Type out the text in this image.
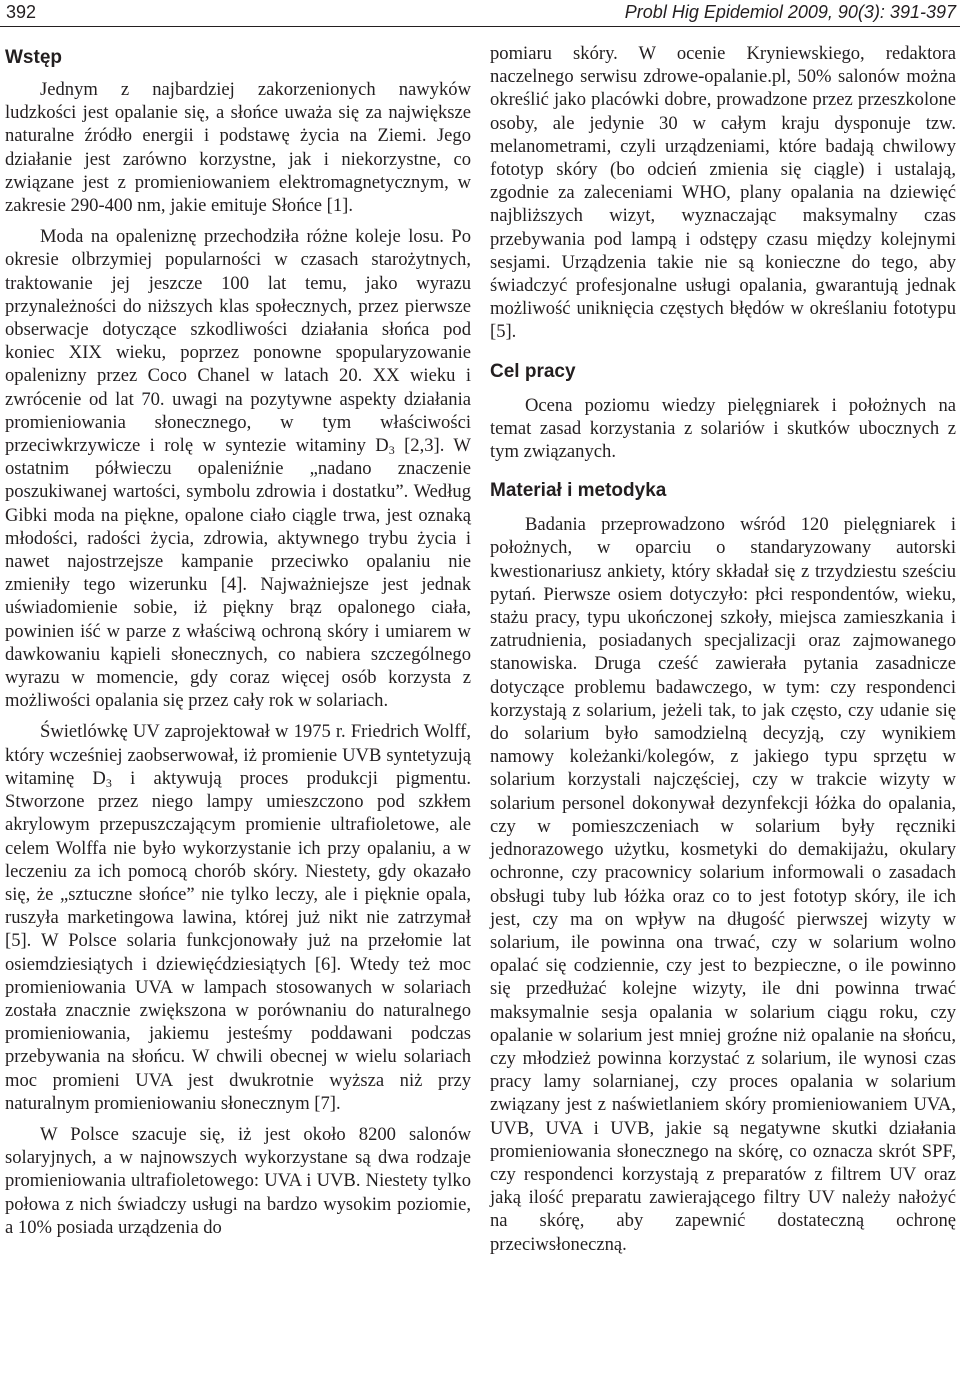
392	Probl Hig Epidemiol 2009, 90(3): 391-397
Wstęp

Jednym z najbardziej zakorzenionych nawyków ludzkości jest opalanie się, a słońce uważa się za największe naturalne źródło energii i podstawę życia na Ziemi. Jego działanie jest zarówno korzystne, jak i niekorzystne, co związane jest z promieniowaniem elektromagnetycznym, w zakresie 290-400 nm, jakie emituje Słońce [1].

Moda na opaleniznę przechodziła różne koleje losu. Po okresie olbrzymiej popularności w czasach starożytnych, traktowanie jej jeszcze 100 lat temu, jako wyrazu przynależności do niższych klas społecznych, przez pierwsze obserwacje dotyczące szkodliwości działania słońca pod koniec XIX wieku, poprzez ponowne spopularyzowanie opalenizny przez Coco Chanel w latach 20. XX wieku i zwrócenie od lat 70. uwagi na pozytywne aspekty działania promieniowania słonecznego, w tym właściwości przeciwkrzywicze i rolę w syntezie witaminy $D_3$ [2,3]. W ostatnim półwieczu opaleniźnie „nadano znaczenie poszukiwanej wartości, symbolu zdrowia i dostatku”. Według Gibki moda na piękne, opalone ciało ciągle trwa, jest oznaką młodości, radości życia, zdrowia, aktywnego trybu życia i nawet najostrzejsze kampanie przeciwko opalaniu nie zmieniły tego wizerunku [4]. Najważniejsze jest jednak uświadomienie sobie, iż piękny brąz opalonego ciała, powinien iść w parze z właściwą ochroną skóry i umiarem w dawkowaniu kąpieli słonecznych, co nabiera szczególnego wyrazu w momencie, gdy coraz więcej osób korzysta z możliwości opalania się przez cały rok w solariach.

Świetlówkę UV zaprojektował w 1975 r. Friedrich Wolff, który wcześniej zaobserwował, iż promienie UVB syntetyzują witaminę $D_3$ i aktywują proces produkcji pigmentu. Stworzone przez niego lampy umieszczono pod szkłem akrylowym przepuszczającym promienie ultrafioletowe, ale celem Wolffa nie było wykorzystanie ich przy opalaniu, a w leczeniu za ich pomocą chorób skóry. Niestety, gdy okazało się, że „sztuczne słońce” nie tylko leczy, ale i pięknie opala, ruszyła marketingowa lawina, której już nikt nie zatrzymał [5]. W Polsce solaria funkcjonowały już na przełomie lat osiemdziesiątych i dziewięćdziesiątych [6]. Wtedy też moc promieniowania UVA w lampach stosowanych w solariach została znacznie zwiększona w porównaniu do naturalnego promieniowania, jakiemu jesteśmy poddawani podczas przebywania na słońcu. W chwili obecnej w wielu solariach moc promieni UVA jest dwukrotnie wyższa niż przy naturalnym promieniowaniu słonecznym [7].

W Polsce szacuje się, iż jest około 8200 salonów solaryjnych, a w najnowszych wykorzystane są dwa rodzaje promieniowania ultrafioletowego: UVA i UVB. Niestety tylko połowa z nich świadczy usługi na bardzo wysokim poziomie, a 10% posiada urządzenia do

pomiaru skóry. W ocenie Kryniewskiego, redaktora naczelnego serwisu zdrowe-opalanie.pl, 50% salonów można określić jako placówki dobre, prowadzone przez przeszkolone osoby, ale jedynie 30 w całym kraju dysponuje tzw. melanometrami, czyli urządzeniami, które badają chwilowy fototyp skóry (bo odcień zmienia się ciągle) i ustalają, zgodnie za zaleceniami WHO, plany opalania na dziewięć najbliższych wizyt, wyznaczając maksymalny czas przebywania pod lampą i odstępy czasu między kolejnymi sesjami. Urządzenia takie nie są konieczne do tego, aby świadczyć profesjonalne usługi opalania, gwarantują jednak możliwość uniknięcia częstych błędów w określaniu fototypu [5].

Cel pracy

Ocena poziomu wiedzy pielęgniarek i położnych na temat zasad korzystania z solariów i skutków ubocznych z tym związanych.

Materiał i metodyka

Badania przeprowadzono wśród 120 pielęgniarek i położnych, w oparciu o standaryzowany autorski kwestionariusz ankiety, który składał się z trzydziestu sześciu pytań. Pierwsze osiem dotyczyło: płci respondentów, wieku, stażu pracy, typu ukończonej szkoły, miejsca zamieszkania i zatrudnienia, posiadanych specjalizacji oraz zajmowanego stanowiska. Druga cześć zawierała pytania zasadnicze dotyczące problemu badawczego, w tym: czy respondenci korzystają z solarium, jeżeli tak, to jak często, czy udanie się do solarium było samodzielną decyzją, czy wynikiem namowy koleżanki/kolegów, z jakiego typu sprzętu w solarium korzystali najczęściej, czy w trakcie wizyty w solarium personel dokonywał dezynfekcji łóżka do opalania, czy w pomieszczeniach w solarium były ręczniki jednorazowego użytku, kosmetyki do demakijażu, okulary ochronne, czy pracownicy solarium informowali o zasadach obsługi tuby lub łóżka oraz co to jest fototyp skóry, ile ich jest, czy ma on wpływ na długość pierwszej wizyty w solarium, ile powinna ona trwać, czy w solarium wolno opalać się codziennie, czy jest to bezpieczne, o ile powinno się przedłużać kolejne wizyty, ile dni powinna trwać maksymalnie sesja opalania w solarium ciągu roku, czy opalanie w solarium jest mniej groźne niż opalanie na słońcu, czy młodzież powinna korzystać z solarium, ile wynosi czas pracy lamy solarnianej, czy proces opalania w solarium związany jest z naświetlaniem skóry promieniowaniem UVA, UVB, UVA i UVB, jakie są negatywne skutki działania promieniowania słonecznego na skórę, co oznacza skrót SPF, czy respondenci korzystają z preparatów z filtrem UV oraz jaką ilość preparatu zawierającego filtry UV należy nałożyć na skórę, aby zapewnić dostateczną ochronę przeciwsłoneczną.
